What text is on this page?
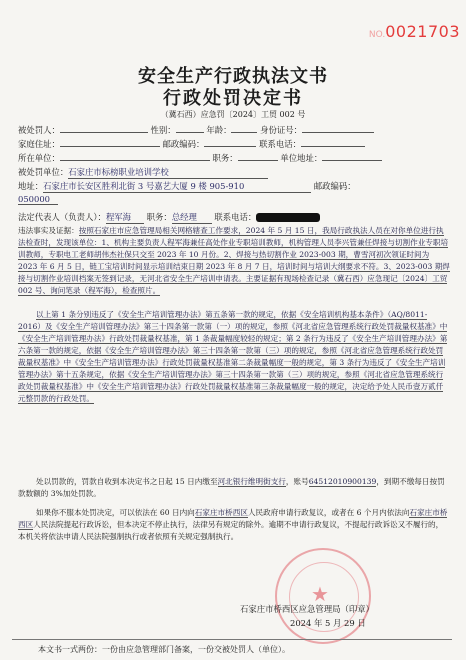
NO.0021703
安全生产行政执法文书
行政处罚决定书
（冀石西）应急罚〔2024〕工贸 002 号
被处罚人：	性别：	年龄：	身份证号：
家庭住址：	邮政编码：	联系电话：
所在单位：	职务：	单位地址：
被处罚单位：石家庄市标榜职业培训学校
地址：石家庄市长安区胜利北街 3 号嘉艺大厦 9 楼 905-910	邮政编码：
050000
法定代表人（负责人）：程军海 职务：总经理 联系电话：
违法事实及证据：按照石家庄市应急管理局相关网格辖查工作要求，2024 年 5 月 15 日，我局行政执法人员在对你单位进行执法检查时，发现该单位：1、机构主要负责人程军海兼任高处作业专职培训教师，机构管理人员李兴管兼任焊接与切割作业专职培训教师，专职电工老师胡伟杰社保只交至 2023 年 10 月份。2、焊接与热切割作业 2023-003 期，曹雪河初次领证时间为 2023 年 6 月 5 日，链工宝培训时间显示培训结束日期 2023 年 8 月 7 日，培训时间与培训大纲要求不符。3、2023-003 期焊接与切割作业培训档案无签到记录，无河北省安全生产培训申请表。主要证据有现场检查记录（冀石西）应急现记〔2024〕工贸 002 号、询问笔录（程军海），检查照片。
以上第 1 条分别违反了《安全生产培训管理办法》第五条第一款的规定，依据《安全培训机构基本条件》（AQ/8011-2016）及《安全生产培训管理办法》第三十四条第一款第（一）项的规定，参照《河北省应急管理系统行政处罚裁量权基准》中《安全生产培训管理办法》行政处罚裁量权基准，第 1 条裁量幅度较轻的规定；第 2 条行为违反了《安全生产培训管理办法》第六条第一款的规定，依据《安全生产培训管理办法》第三十四条第一款第（三）项的规定，参照《河北省应急管理系统行政处罚裁量权基准》中《安全生产培训管理办法》行政处罚裁量权基准第二条裁量幅度一般的规定，第 3 条行为违反了《安全生产培训管理办法》第十五条规定，依据《安全生产培训管理办法》第三十四条第一款第（三）项的规定，参照《河北省应急管理系统行政处罚裁量权基准》中《安全生产培训管理办法》行政处罚裁量权基准第三条裁量幅度一般的规定，决定给予处人民币壹万贰仟元整罚款的行政处罚。
处以罚款的，罚款自收到本决定书之日起 15 日内缴至河北银行维明街支行，账号64512010900139，到期不缴每日按罚款数额的 3%加处罚款。
如果你不服本处罚决定，可以依法在 60 日内向石家庄市桥西区人民政府申请行政复议，或者在 6 个月内依法向石家庄市桥西区人民法院提起行政诉讼，但本决定不停止执行，法律另有规定的除外。逾期不申请行政复议，不提起行政诉讼又不履行的，本机关将依法申请人民法院强制执行或者依照有关规定强制执行。
★
石家庄市桥西区应急管理局（印章）
2024 年 5 月 29 日
本文书一式两份：一份由应急管理部门备案，一份交被处罚人（单位）。
